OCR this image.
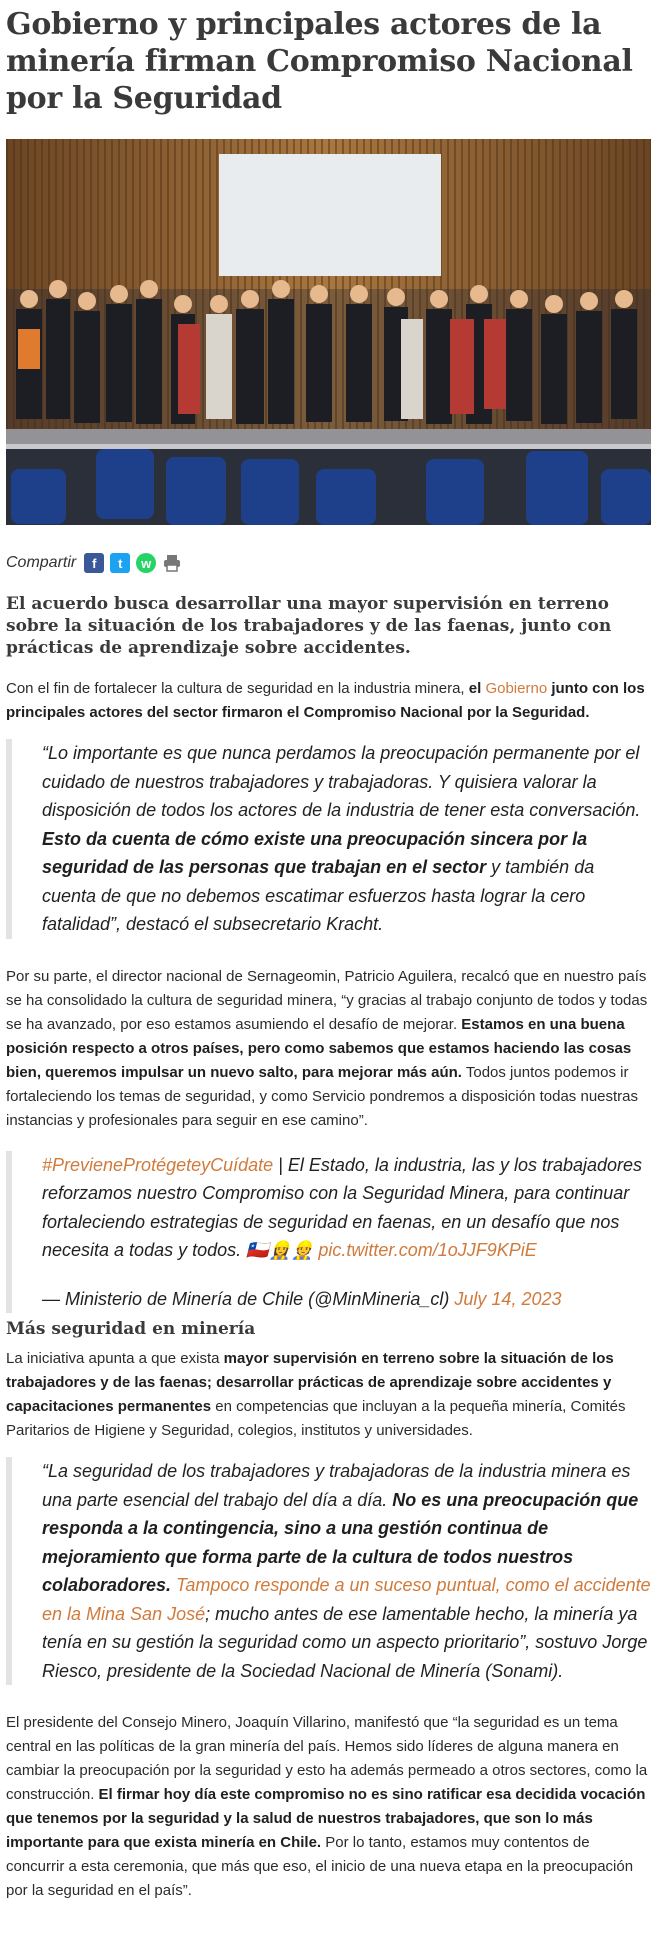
Gobierno y principales actores de la minería firman Compromiso Nacional por la Seguridad
Compartir f t w
El acuerdo busca desarrollar una mayor supervisión en terreno sobre la situación de los trabajadores y de las faenas, junto con prácticas de aprendizaje sobre accidentes.

Con el fin de fortalecer la cultura de seguridad en la industria minera, el Gobierno junto con los principales actores del sector firmaron el Compromiso Nacional por la Seguridad.

“Lo importante es que nunca perdamos la preocupación permanente por el cuidado de nuestros trabajadores y trabajadoras. Y quisiera valorar la disposición de todos los actores de la industria de tener esta conversación. Esto da cuenta de cómo existe una preocupación sincera por la seguridad de las personas que trabajan en el sector y también da cuenta de que no debemos escatimar esfuerzos hasta lograr la cero fatalidad”, destacó el subsecretario Kracht.

Por su parte, el director nacional de Sernageomin, Patricio Aguilera, recalcó que en nuestro país se ha consolidado la cultura de seguridad minera, “y gracias al trabajo conjunto de todos y todas se ha avanzado, por eso estamos asumiendo el desafío de mejorar. Estamos en una buena posición respecto a otros países, pero como sabemos que estamos haciendo las cosas bien, queremos impulsar un nuevo salto, para mejorar más aún. Todos juntos podemos ir fortaleciendo los temas de seguridad, y como Servicio pondremos a disposición todas nuestras instancias y profesionales para seguir en ese camino”.

#PrevieneProtégeteyCuídate | El Estado, la industria, las y los trabajadores reforzamos nuestro Compromiso con la Seguridad Minera, para continuar fortaleciendo estrategias de seguridad en faenas, en un desafío que nos necesita a todas y todos. 🇨🇱👷‍♀️👷 pic.twitter.com/1oJJF9KPiE
— Ministerio de Minería de Chile (@MinMineria_cl) July 14, 2023
Más seguridad en minería

La iniciativa apunta a que exista mayor supervisión en terreno sobre la situación de los trabajadores y de las faenas; desarrollar prácticas de aprendizaje sobre accidentes y capacitaciones permanentes en competencias que incluyan a la pequeña minería, Comités Paritarios de Higiene y Seguridad, colegios, institutos y universidades.

“La seguridad de los trabajadores y trabajadoras de la industria minera es una parte esencial del trabajo del día a día. No es una preocupación que responda a la contingencia, sino a una gestión continua de mejoramiento que forma parte de la cultura de todos nuestros colaboradores. Tampoco responde a un suceso puntual, como el accidente en la Mina San José; mucho antes de ese lamentable hecho, la minería ya tenía en su gestión la seguridad como un aspecto prioritario”, sostuvo Jorge Riesco, presidente de la Sociedad Nacional de Minería (Sonami).

El presidente del Consejo Minero, Joaquín Villarino, manifestó que “la seguridad es un tema central en las políticas de la gran minería del país. Hemos sido líderes de alguna manera en cambiar la preocupación por la seguridad y esto ha además permeado a otros sectores, como la construcción. El firmar hoy día este compromiso no es sino ratificar esa decidida vocación que tenemos por la seguridad y la salud de nuestros trabajadores, que son lo más importante para que exista minería en Chile. Por lo tanto, estamos muy contentos de concurrir a esta ceremonia, que más que eso, el inicio de una nueva etapa en la preocupación por la seguridad en el país”.
